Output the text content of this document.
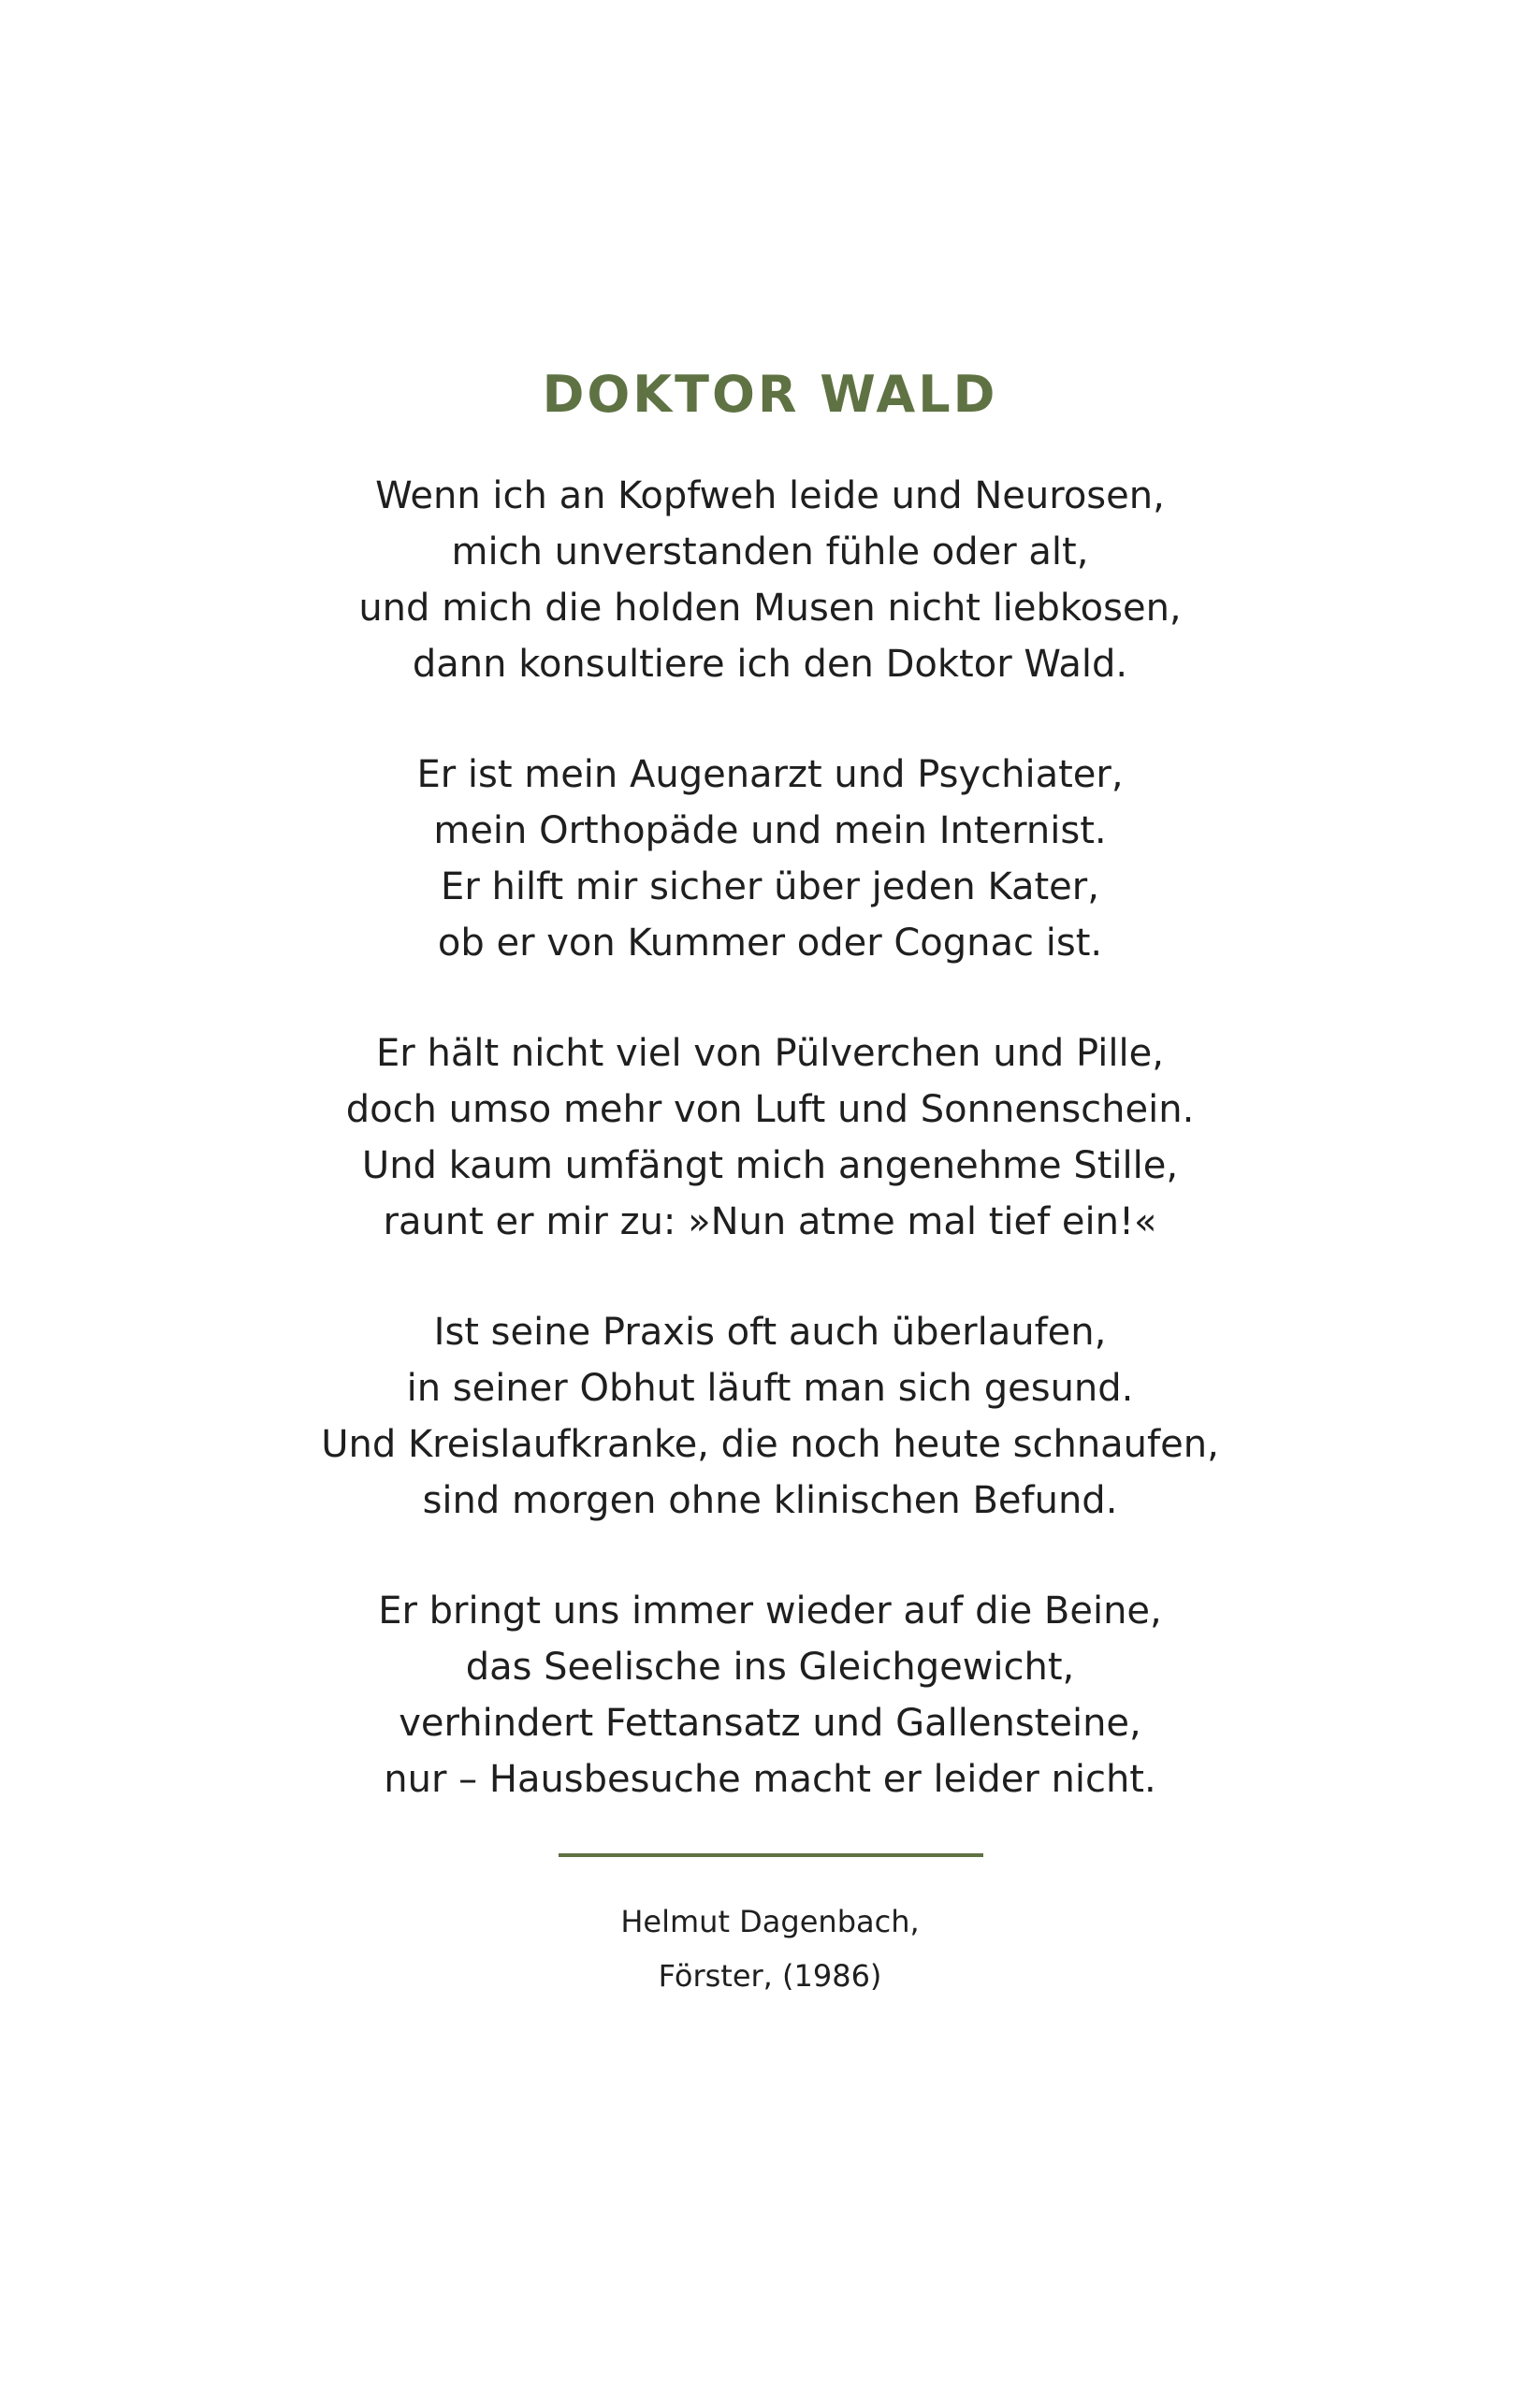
DOKTOR WALD

Wenn ich an Kopfweh leide und Neurosen,
mich unverstanden fühle oder alt,
und mich die holden Musen nicht liebkosen,
dann konsultiere ich den Doktor Wald.

Er ist mein Augenarzt und Psychiater,
mein Orthopäde und mein Internist.
Er hilft mir sicher über jeden Kater,
ob er von Kummer oder Cognac ist.

Er hält nicht viel von Pülverchen und Pille,
doch umso mehr von Luft und Sonnenschein.
Und kaum umfängt mich angenehme Stille,
raunt er mir zu: »Nun atme mal tief ein!«

Ist seine Praxis oft auch überlaufen,
in seiner Obhut läuft man sich gesund.
Und Kreislaufkranke, die noch heute schnaufen,
sind morgen ohne klinischen Befund.

Er bringt uns immer wieder auf die Beine,
das Seelische ins Gleichgewicht,
verhindert Fettansatz und Gallensteine,
nur – Hausbesuche macht er leider nicht.

Helmut Dagenbach,
Förster, (1986)
